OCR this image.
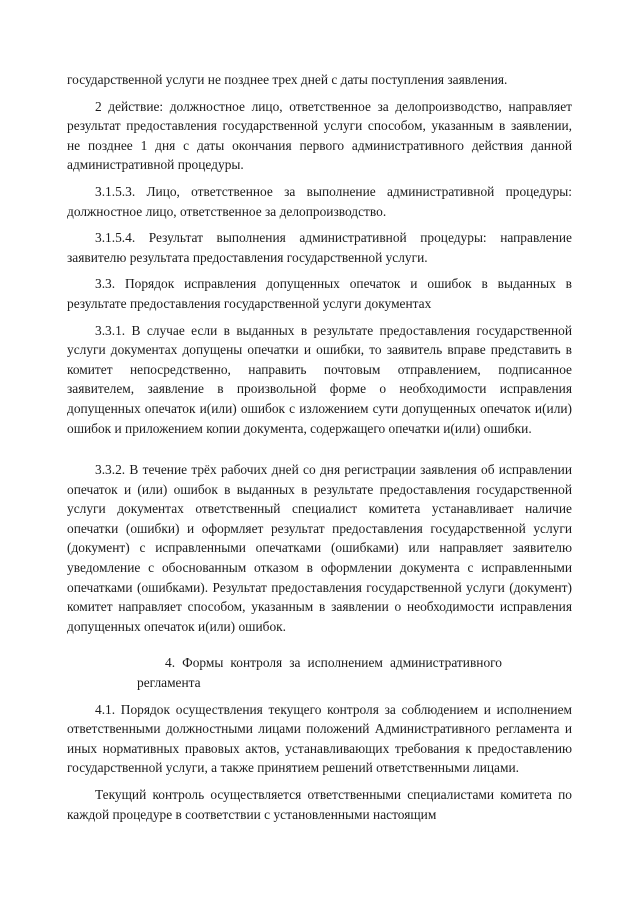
государственной услуги не позднее трех дней с даты поступления заявления.

2 действие: должностное лицо, ответственное за делопроизводство, направляет результат предоставления государственной услуги способом, указанным в заявлении, не позднее 1 дня с даты окончания первого административного действия данной административной процедуры.

3.1.5.3. Лицо, ответственное за выполнение административной процедуры: должностное лицо, ответственное за делопроизводство.

3.1.5.4. Результат выполнения административной процедуры: направление заявителю результата предоставления государственной услуги.

3.3. Порядок исправления допущенных опечаток и ошибок в выданных в результате предоставления государственной услуги документах

3.3.1. В случае если в выданных в результате предоставления государственной услуги документах допущены опечатки и ошибки, то заявитель вправе представить в комитет непосредственно, направить почтовым отправлением, подписанное заявителем, заявление в произвольной форме о необходимости исправления допущенных опечаток и(или) ошибок с изложением сути допущенных опечаток и(или) ошибок и приложением копии документа, содержащего опечатки и(или) ошибки.

3.3.2. В течение трёх рабочих дней со дня регистрации заявления об исправлении опечаток и (или) ошибок в выданных в результате предоставления государственной услуги документах ответственный специалист комитета устанавливает наличие опечатки (ошибки) и оформляет результат предоставления государственной услуги (документ) с исправленными опечатками (ошибками) или направляет заявителю уведомление с обоснованным отказом в оформлении документа с исправленными опечатками (ошибками). Результат предоставления государственной услуги (документ) комитет направляет способом, указанным в заявлении о необходимости исправления допущенных опечаток и(или) ошибок.

4. Формы контроля за исполнением административного регламента

4.1. Порядок осуществления текущего контроля за соблюдением и исполнением ответственными должностными лицами положений Административного регламента и иных нормативных правовых актов, устанавливающих требования к предоставлению государственной услуги, а также принятием решений ответственными лицами.

Текущий контроль осуществляется ответственными специалистами комитета по каждой процедуре в соответствии с установленными настоящим
